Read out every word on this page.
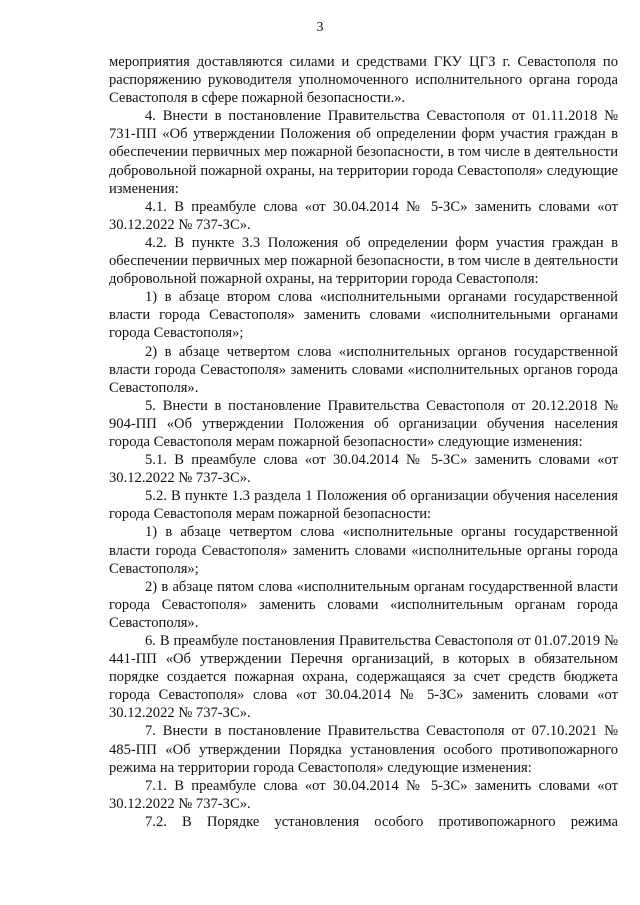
3

мероприятия доставляются силами и средствами ГКУ ЦГЗ г. Севастополя по распоряжению руководителя уполномоченного исполнительного органа города Севастополя в сфере пожарной безопасности.».

4. Внести в постановление Правительства Севастополя от 01.11.2018 № 731-ПП «Об утверждении Положения об определении форм участия граждан в обеспечении первичных мер пожарной безопасности, в том числе в деятельности добровольной пожарной охраны, на территории города Севастополя» следующие изменения:

4.1. В преамбуле слова «от 30.04.2014 № 5-ЗС» заменить словами «от 30.12.2022 № 737-ЗС».

4.2. В пункте 3.3 Положения об определении форм участия граждан в обеспечении первичных мер пожарной безопасности, в том числе в деятельности добровольной пожарной охраны, на территории города Севастополя:

1) в абзаце втором слова «исполнительными органами государственной власти города Севастополя» заменить словами «исполнительными органами города Севастополя»;

2) в абзаце четвертом слова «исполнительных органов государственной власти города Севастополя» заменить словами «исполнительных органов города Севастополя».

5. Внести в постановление Правительства Севастополя от 20.12.2018 № 904-ПП «Об утверждении Положения об организации обучения населения города Севастополя мерам пожарной безопасности» следующие изменения:

5.1. В преамбуле слова «от 30.04.2014 № 5-ЗС» заменить словами «от 30.12.2022 № 737-ЗС».

5.2. В пункте 1.3 раздела 1 Положения об организации обучения населения города Севастополя мерам пожарной безопасности:

1) в абзаце четвертом слова «исполнительные органы государственной власти города Севастополя» заменить словами «исполнительные органы города Севастополя»;

2) в абзаце пятом слова «исполнительным органам государственной власти города Севастополя» заменить словами «исполнительным органам города Севастополя».

6. В преамбуле постановления Правительства Севастополя от 01.07.2019 № 441-ПП «Об утверждении Перечня организаций, в которых в обязательном порядке создается пожарная охрана, содержащаяся за счет средств бюджета города Севастополя» слова «от 30.04.2014 № 5-ЗС» заменить словами «от 30.12.2022 № 737-ЗС».

7. Внести в постановление Правительства Севастополя от 07.10.2021 № 485-ПП «Об утверждении Порядка установления особого противопожарного режима на территории города Севастополя» следующие изменения:

7.1. В преамбуле слова «от 30.04.2014 № 5-ЗС» заменить словами «от 30.12.2022 № 737-ЗС».

7.2. В Порядке установления особого противопожарного режима
